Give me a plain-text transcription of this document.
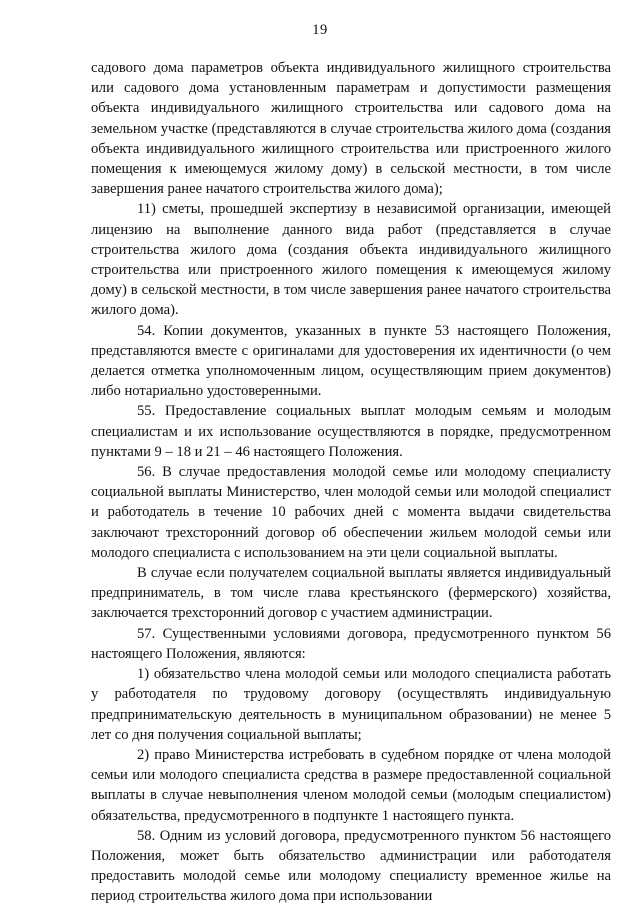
19

садового дома параметров объекта индивидуального жилищного строительства или садового дома установленным параметрам и допустимости размещения объекта индивидуального жилищного строительства или садового дома на земельном участке (представляются в случае строительства жилого дома (создания объекта индивидуального жилищного строительства или пристроенного жилого помещения к имеющемуся жилому дому) в сельской местности, в том числе завершения ранее начатого строительства жилого дома);

11) сметы, прошедшей экспертизу в независимой организации, имеющей лицензию на выполнение данного вида работ (представляется в случае строительства жилого дома (создания объекта индивидуального жилищного строительства или пристроенного жилого помещения к имеющемуся жилому дому) в сельской местности, в том числе завершения ранее начатого строительства жилого дома).

54. Копии документов, указанных в пункте 53 настоящего Положения, представляются вместе с оригиналами для удостоверения их идентичности (о чем делается отметка уполномоченным лицом, осуществляющим прием документов) либо нотариально удостоверенными.

55. Предоставление социальных выплат молодым семьям и молодым специалистам и их использование осуществляются в порядке, предусмотренном пунктами 9 – 18 и 21 – 46 настоящего Положения.

56. В случае предоставления молодой семье или молодому специалисту социальной выплаты Министерство, член молодой семьи или молодой специалист и работодатель в течение 10 рабочих дней с момента выдачи свидетельства заключают трехсторонний договор об обеспечении жильем молодой семьи или молодого специалиста с использованием на эти цели социальной выплаты.

В случае если получателем социальной выплаты является индивидуальный предприниматель, в том числе глава крестьянского (фермерского) хозяйства, заключается трехсторонний договор с участием администрации.

57. Существенными условиями договора, предусмотренного пунктом 56 настоящего Положения, являются:

1) обязательство члена молодой семьи или молодого специалиста работать у работодателя по трудовому договору (осуществлять индивидуальную предпринимательскую деятельность в муниципальном образовании) не менее 5 лет со дня получения социальной выплаты;

2) право Министерства истребовать в судебном порядке от члена молодой семьи или молодого специалиста средства в размере предоставленной социальной выплаты в случае невыполнения членом молодой семьи (молодым специалистом) обязательства, предусмотренного в подпункте 1 настоящего пункта.

58. Одним из условий договора, предусмотренного пунктом 56 настоящего Положения, может быть обязательство администрации или работодателя предоставить молодой семье или молодому специалисту временное жилье на период строительства жилого дома при использовании
